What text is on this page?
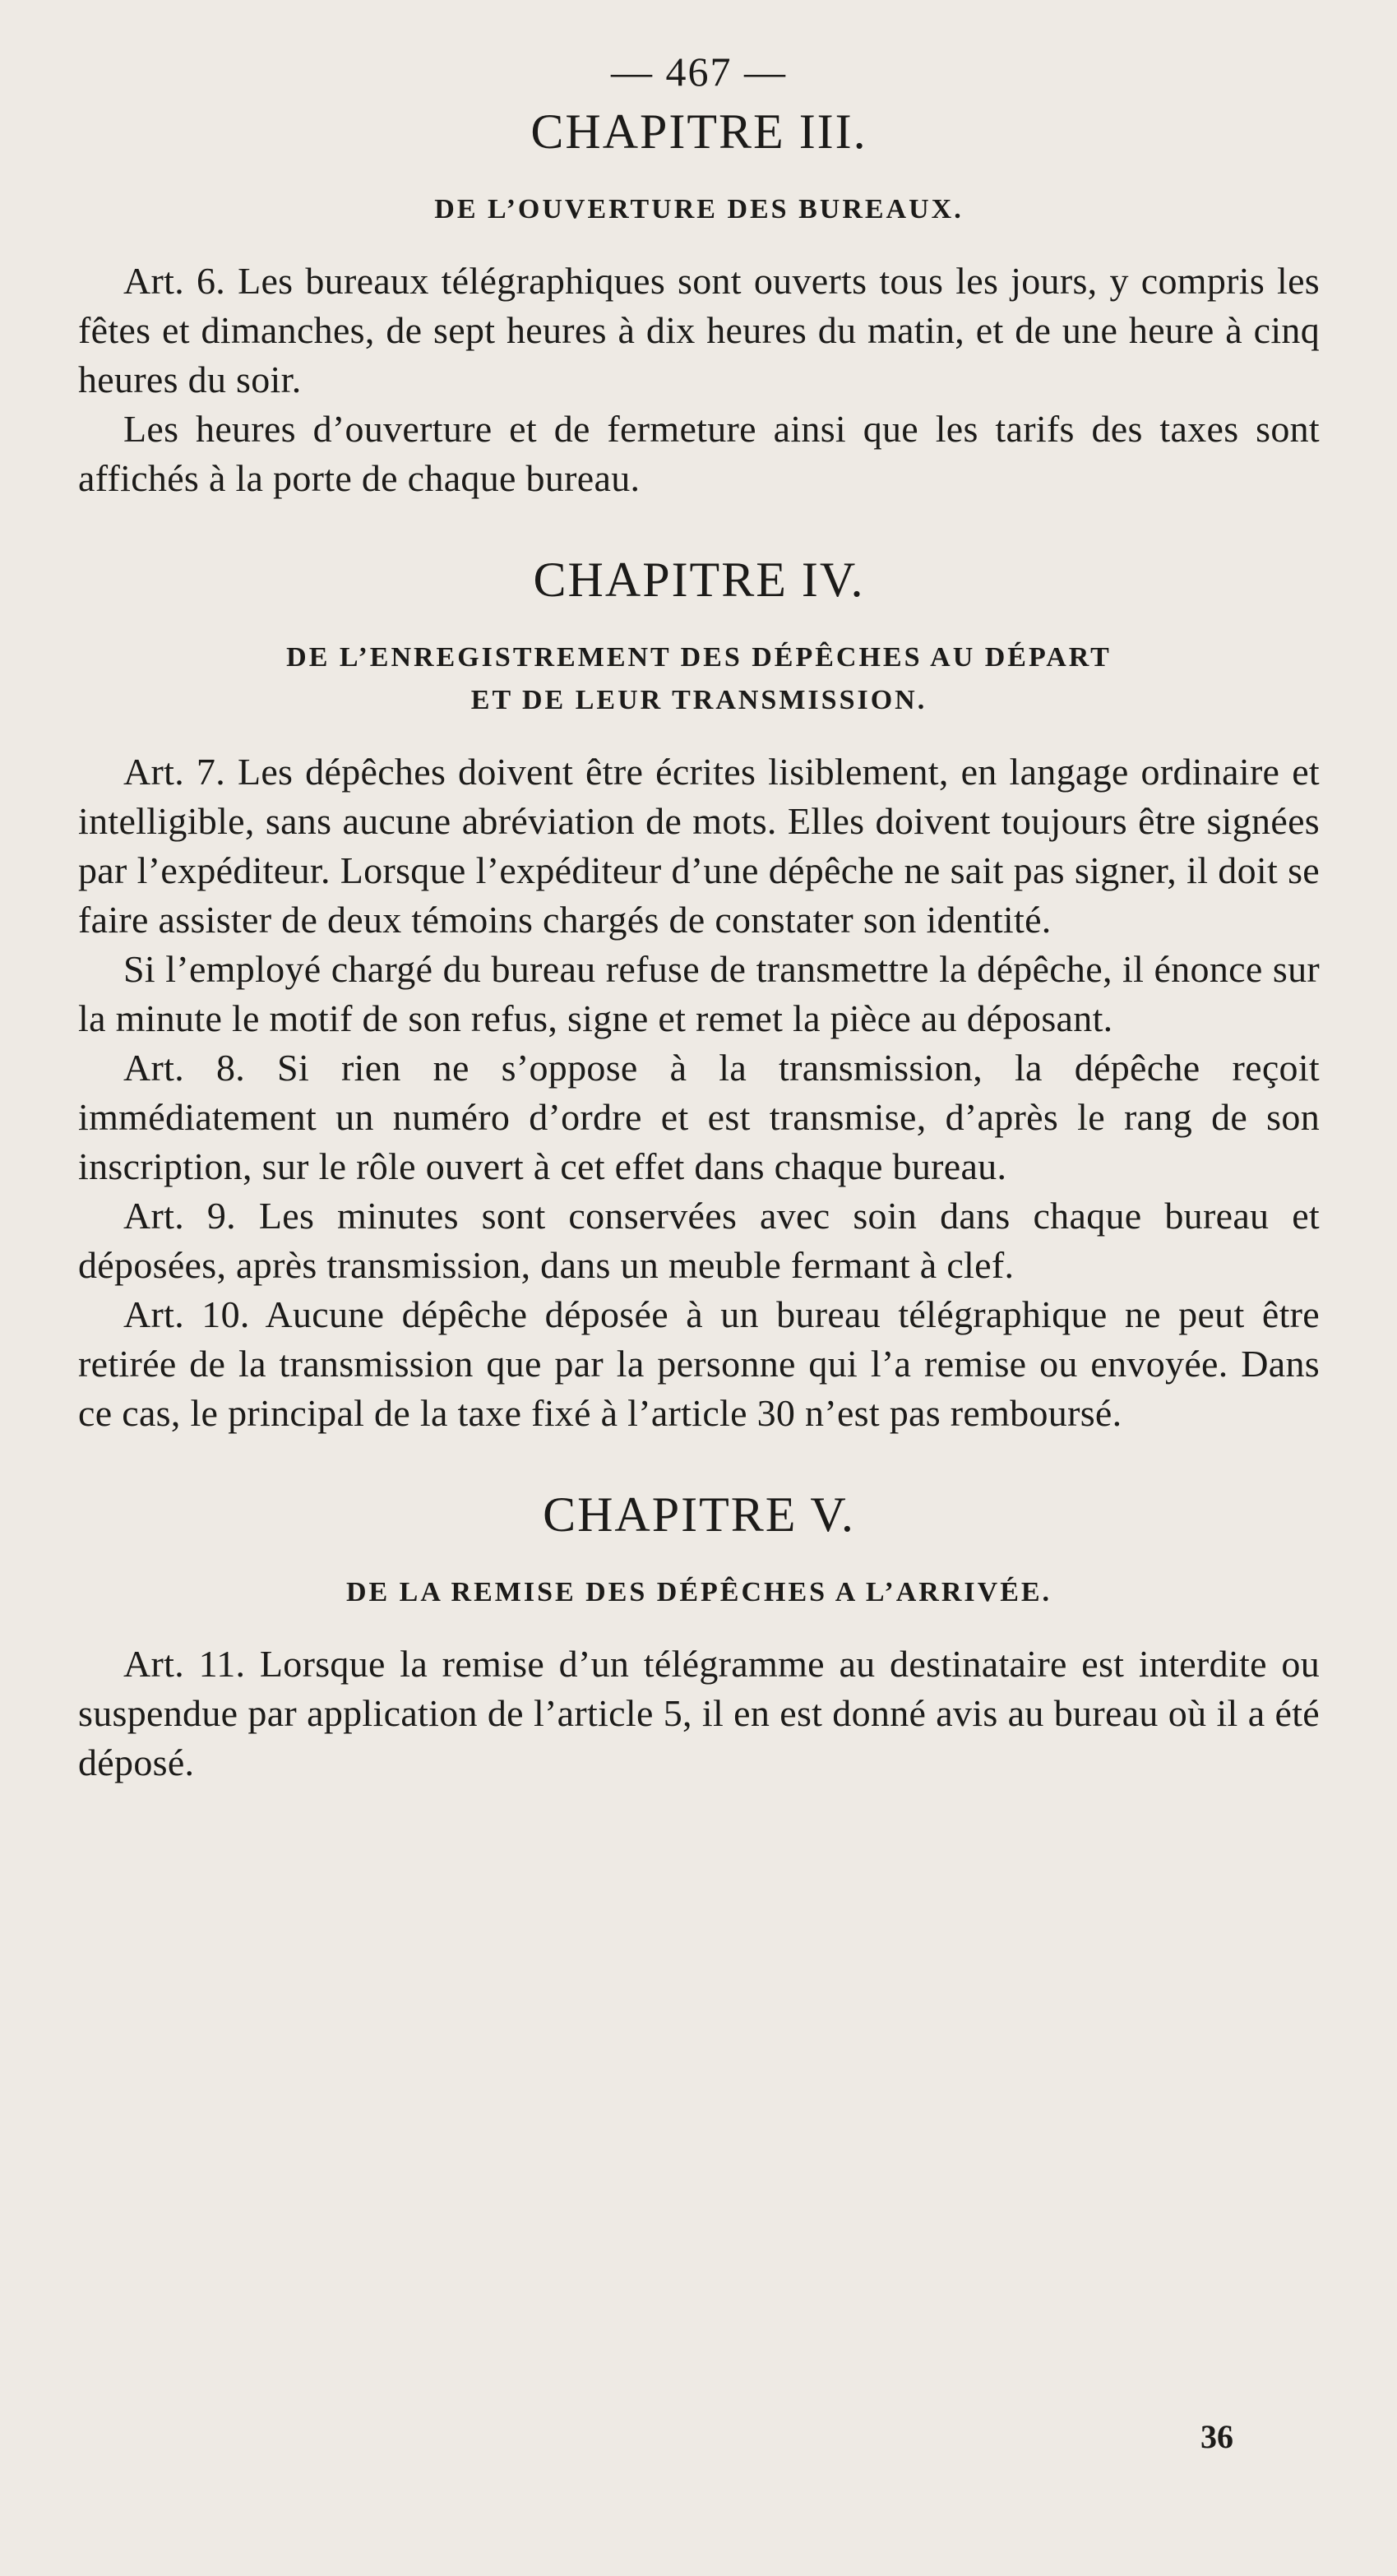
— 467 —
CHAPITRE III.
DE L’OUVERTURE DES BUREAUX.

Art. 6. Les bureaux télégraphiques sont ouverts tous les jours, y compris les fêtes et dimanches, de sept heures à dix heures du matin, et de une heure à cinq heures du soir.

Les heures d’ouverture et de fermeture ainsi que les tarifs des taxes sont affichés à la porte de chaque bureau.

CHAPITRE IV.
DE L’ENREGISTREMENT DES DÉPÊCHES AU DÉPART
ET DE LEUR TRANSMISSION.

Art. 7. Les dépêches doivent être écrites lisiblement, en langage ordinaire et intelligible, sans aucune abréviation de mots. Elles doivent toujours être signées par l’expéditeur. Lorsque l’expéditeur d’une dépêche ne sait pas signer, il doit se faire assister de deux témoins chargés de constater son identité.

Si l’employé chargé du bureau refuse de transmettre la dépêche, il énonce sur la minute le motif de son refus, signe et remet la pièce au déposant.

Art. 8. Si rien ne s’oppose à la transmission, la dépêche reçoit immédiatement un numéro d’ordre et est transmise, d’après le rang de son inscription, sur le rôle ouvert à cet effet dans chaque bureau.

Art. 9. Les minutes sont conservées avec soin dans chaque bureau et déposées, après transmission, dans un meuble fermant à clef.

Art. 10. Aucune dépêche déposée à un bureau télégraphique ne peut être retirée de la transmission que par la personne qui l’a remise ou envoyée. Dans ce cas, le principal de la taxe fixé à l’article 30 n’est pas remboursé.

CHAPITRE V.
DE LA REMISE DES DÉPÊCHES A L’ARRIVÉE.

Art. 11. Lorsque la remise d’un télégramme au destinataire est interdite ou suspendue par application de l’article 5, il en est donné avis au bureau où il a été déposé.

36
